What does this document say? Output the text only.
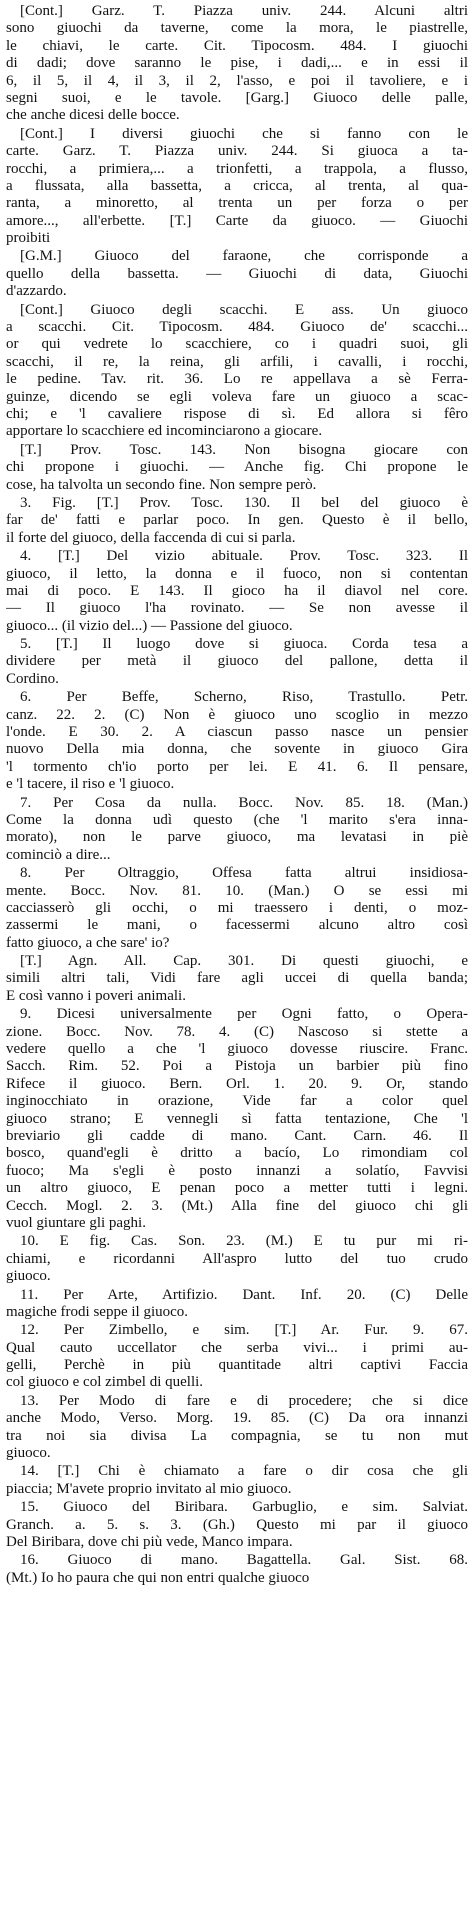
[Cont.] Garz. T. Piazza univ. 244. Alcuni altri
sono giuochi da taverne, come la mora, le piastrelle,
le chiavi, le carte. Cit. Tipocosm. 484. I giuochi
di dadi; dove saranno le pise, i dadi,... e in essi il
6, il 5, il 4, il 3, il 2, l'asso, e poi il tavoliere, e i
segni suoi, e le tavole. [Garg.] Giuoco delle palle,
che anche dicesi delle bocce.
[Cont.] I diversi giuochi che si fanno con le
carte. Garz. T. Piazza univ. 244. Si giuoca a ta-
rocchi, a primiera,... a trionfetti, a trappola, a flusso,
a flussata, alla bassetta, a cricca, al trenta, al qua-
ranta, a minoretto, al trenta un per forza o per
amore..., all'erbette. [T.] Carte da giuoco. — Giuochi
proibiti
[G.M.] Giuoco del faraone, che corrisponde a
quello della bassetta. — Giuochi di data, Giuochi
d'azzardo.
[Cont.] Giuoco degli scacchi. E ass. Un giuoco
a scacchi. Cit. Tipocosm. 484. Giuoco de' scacchi...
or qui vedrete lo scacchiere, co i quadri suoi, gli
scacchi, il re, la reina, gli arfili, i cavalli, i rocchi,
le pedine. Tav. rit. 36. Lo re appellava a sè Ferra-
guinze, dicendo se egli voleva fare un giuoco a scac-
chi; e 'l cavaliere rispose di sì. Ed allora si fêro
apportare lo scacchiere ed incominciarono a giocare.
[T.] Prov. Tosc. 143. Non bisogna giocare con
chi propone i giuochi. — Anche fig. Chi propone le
cose, ha talvolta un secondo fine. Non sempre però.
3. Fig. [T.] Prov. Tosc. 130. Il bel del giuoco è
far de' fatti e parlar poco. In gen. Questo è il bello,
il forte del giuoco, della faccenda di cui si parla.
4. [T.] Del vizio abituale. Prov. Tosc. 323. Il
giuoco, il letto, la donna e il fuoco, non si contentan
mai di poco. E 143. Il gioco ha il diavol nel core.
— Il giuoco l'ha rovinato. — Se non avesse il
giuoco... (il vizio del...) — Passione del giuoco.
5. [T.] Il luogo dove si giuoca. Corda tesa a
dividere per metà il giuoco del pallone, detta il
Cordino.
6. Per Beffe, Scherno, Riso, Trastullo. Petr.
canz. 22. 2. (C) Non è giuoco uno scoglio in mezzo
l'onde. E 30. 2. A ciascun passo nasce un pensier
nuovo Della mia donna, che sovente in giuoco Gira
'l tormento ch'io porto per lei. E 41. 6. Il pensare,
e 'l tacere, il riso e 'l giuoco.
7. Per Cosa da nulla. Bocc. Nov. 85. 18. (Man.)
Come la donna udì questo (che 'l marito s'era inna-
morato), non le parve giuoco, ma levatasi in piè
cominciò a dire...
8. Per Oltraggio, Offesa fatta altrui insidiosa-
mente. Bocc. Nov. 81. 10. (Man.) O se essi mi
cacciasserò gli occhi, o mi traessero i denti, o moz-
zassermi le mani, o facessermi alcuno altro così
fatto giuoco, a che sare' io?
[T.] Agn. All. Cap. 301. Di questi giuochi, e
simili altri tali, Vidi fare agli uccei di quella banda;
E così vanno i poveri animali.
9. Dicesi universalmente per Ogni fatto, o Opera-
zione. Bocc. Nov. 78. 4. (C) Nascoso si stette a
vedere quello a che 'l giuoco dovesse riuscire. Franc.
Sacch. Rim. 52. Poi a Pistoja un barbier più fino
Rifece il giuoco. Bern. Orl. 1. 20. 9. Or, stando
inginocchiato in orazione, Vide far a color quel
giuoco strano; E vennegli sì fatta tentazione, Che 'l
breviario gli cadde di mano. Cant. Carn. 46. Il
bosco, quand'egli è dritto a bacío, Lo rimondiam col
fuoco; Ma s'egli è posto innanzi a solatío, Favvisi
un altro giuoco, E penan poco a metter tutti i legni.
Cecch. Mogl. 2. 3. (Mt.) Alla fine del giuoco chi gli
vuol giuntare gli paghi.
10. E fig. Cas. Son. 23. (M.) E tu pur mi ri-
chiami, e ricordanni All'aspro lutto del tuo crudo
giuoco.
11. Per Arte, Artifizio. Dant. Inf. 20. (C) Delle
magiche frodi seppe il giuoco.
12. Per Zimbello, e sim. [T.] Ar. Fur. 9. 67.
Qual cauto uccellator che serba vivi... i primi au-
gelli, Perchè in più quantitade altri captivi Faccia
col giuoco e col zimbel di quelli.
13. Per Modo di fare e di procedere; che si dice
anche Modo, Verso. Morg. 19. 85. (C) Da ora innanzi
tra noi sia divisa La compagnia, se tu non mut
giuoco.
14. [T.] Chi è chiamato a fare o dir cosa che gli
piaccia; M'avete proprio invitato al mio giuoco.
15. Giuoco del Biribara. Garbuglio, e sim. Salviat.
Granch. a. 5. s. 3. (Gh.) Questo mi par il giuoco
Del Biribara, dove chi più vede, Manco impara.
16. Giuoco di mano. Bagattella. Gal. Sist. 68.
(Mt.) Io ho paura che qui non entri qualche giuoco
